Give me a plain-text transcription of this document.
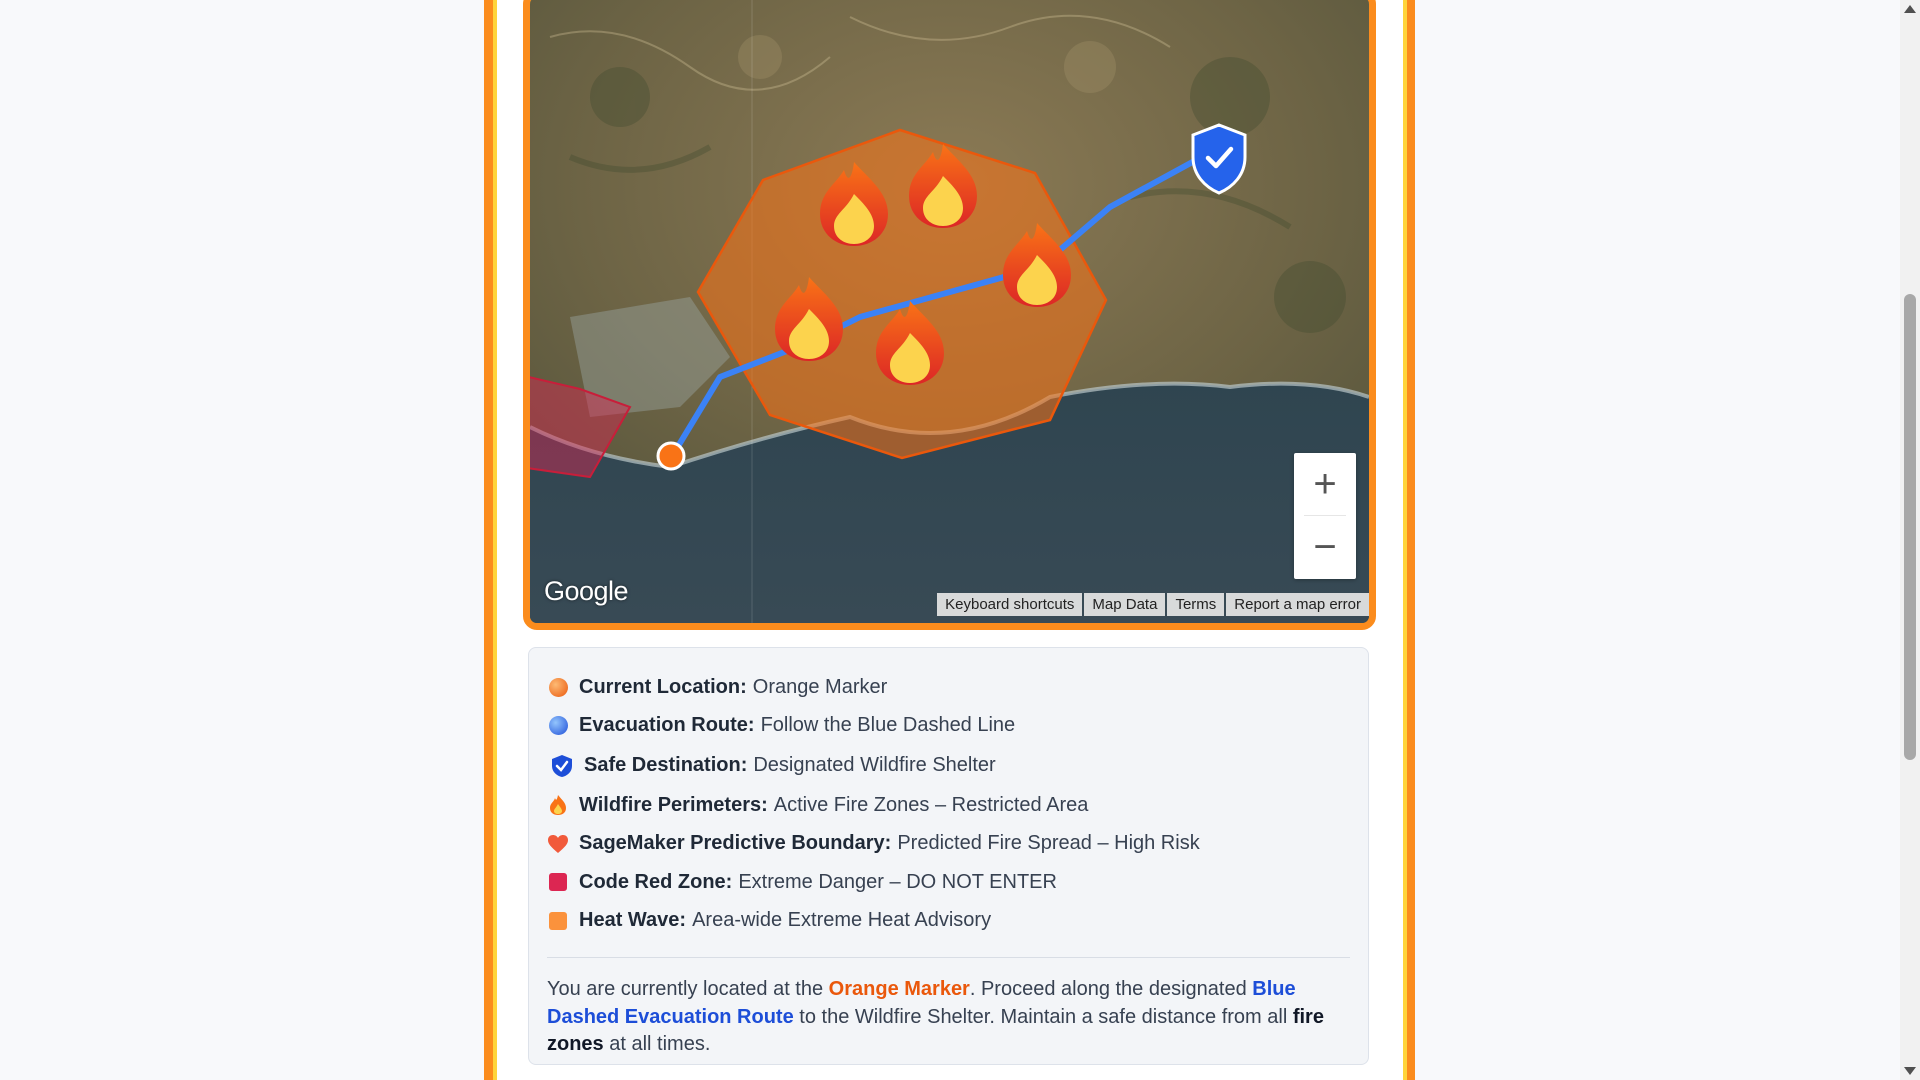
+
−
Google	Keyboard shortcuts	Map Data	Terms	Report a map error
Current Location: Orange Marker
Evacuation Route: Follow the Blue Dashed Line
Safe Destination: Designated Wildfire Shelter
Wildfire Perimeters: Active Fire Zones – Restricted Area
SageMaker Predictive Boundary: Predicted Fire Spread – High Risk
Code Red Zone: Extreme Danger – DO NOT ENTER
Heat Wave: Area-wide Extreme Heat Advisory
You are currently located at the Orange Marker. Proceed along the designated Blue Dashed Evacuation Route to the Wildfire Shelter. Maintain a safe distance from all fire zones at all times.
